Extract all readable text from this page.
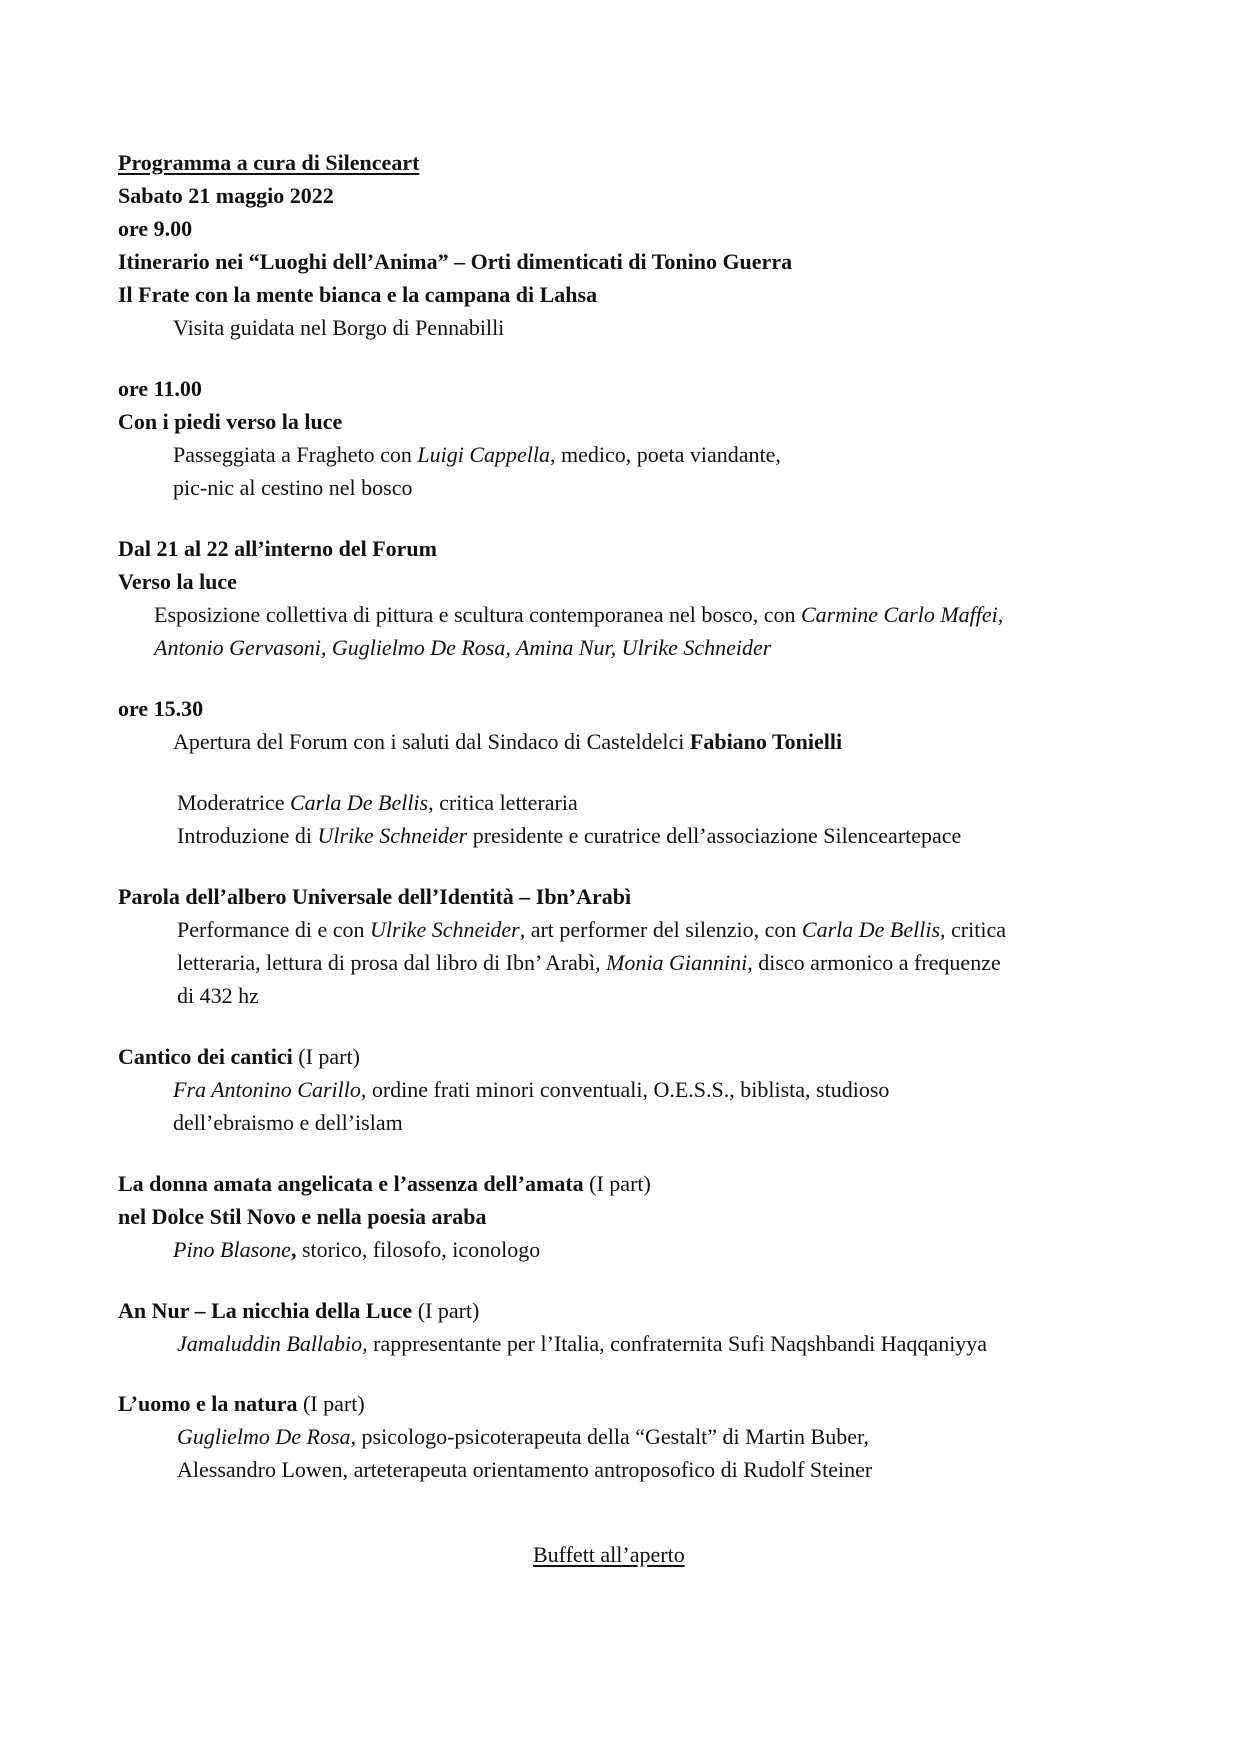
Programma a cura di Silenceart
Sabato 21 maggio 2022
ore 9.00
Itinerario nei “Luoghi dell’Anima” – Orti dimenticati di Tonino Guerra
Il Frate con la mente bianca e la campana di Lahsa
Visita guidata nel Borgo di Pennabilli
ore 11.00
Con i piedi verso la luce
Passeggiata a Fragheto con Luigi Cappella, medico, poeta viandante,
pic-nic al cestino nel bosco
Dal 21 al 22 all’interno del Forum
Verso la luce
Esposizione collettiva di pittura e scultura contemporanea nel bosco, con Carmine Carlo Maffei,
Antonio Gervasoni, Guglielmo De Rosa, Amina Nur, Ulrike Schneider
ore 15.30
Apertura del Forum con i saluti dal Sindaco di Casteldelci Fabiano Tonielli
Moderatrice Carla De Bellis, critica letteraria
Introduzione di Ulrike Schneider presidente e curatrice dell’associazione Silenceartepace
Parola dell’albero Universale dell’Identità – Ibn’Arabì
Performance di e con Ulrike Schneider, art performer del silenzio, con Carla De Bellis, critica
letteraria, lettura di prosa dal libro di Ibn’ Arabì, Monia Giannini, disco armonico a frequenze
di 432 hz
Cantico dei cantici (I part)
Fra Antonino Carillo, ordine frati minori conventuali, O.E.S.S., biblista, studioso
dell’ebraismo e dell’islam
La donna amata angelicata e l’assenza dell’amata (I part)
nel Dolce Stil Novo e nella poesia araba
Pino Blasone, storico, filosofo, iconologo
An Nur – La nicchia della Luce (I part)
Jamaluddin Ballabio, rappresentante per l’Italia, confraternita Sufi Naqshbandi Haqqaniyya
L’uomo e la natura (I part)
Guglielmo De Rosa, psicologo-psicoterapeuta della “Gestalt” di Martin Buber,
Alessandro Lowen, arteterapeuta orientamento antroposofico di Rudolf Steiner
Buffett all’aperto
